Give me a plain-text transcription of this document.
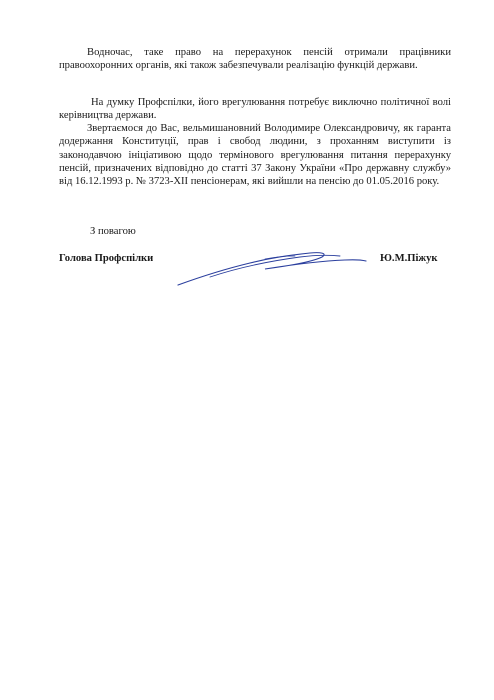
Водночас, таке право на перерахунок пенсій отримали працівники правоохоронних органів, які також забезпечували реалізацію функцій держави.

На думку Профспілки, його врегулювання потребує виключно політичної волі керівництва держави.

Звертаємося до Вас, вельмишановний Володимире Олександровичу, як гаранта додержання Конституції, прав і свобод людини, з проханням виступити із законодавчою ініціативою щодо термінового врегулювання питання перерахунку пенсій, призначених відповідно до статті 37 Закону України «Про державну службу» від 16.12.1993 р. № 3723-ХІІ пенсіонерам, які вийшли на пенсію до 01.05.2016 року.

З повагою

Голова Профспілки	Ю.М.Піжук
